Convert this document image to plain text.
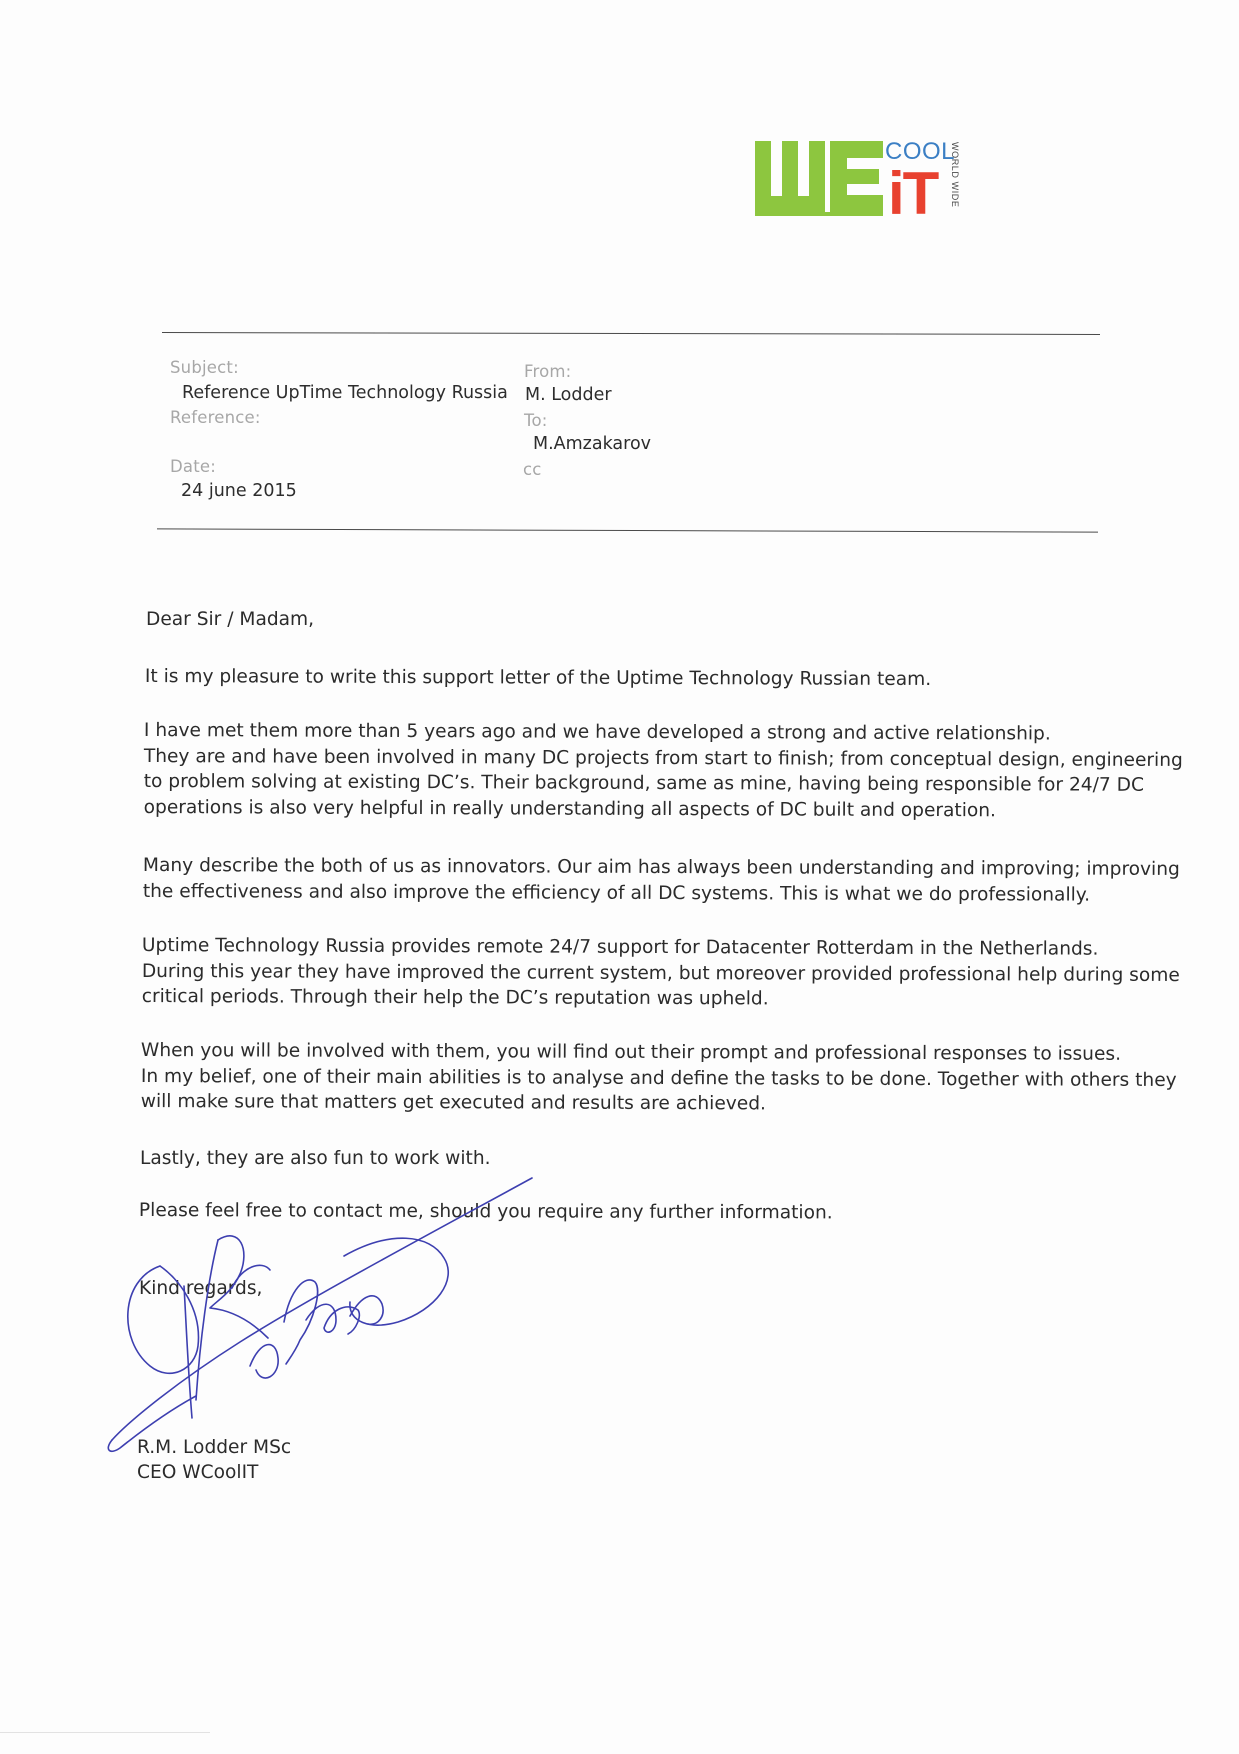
COOL
iT WORLD WIDE
Subject:
Reference UpTime Technology Russia
Reference:
Date:
24 june 2015
From:
M. Lodder
To:
M.Amzakarov
cc
Dear Sir / Madam,
It is my pleasure to write this support letter of the Uptime Technology Russian team.
I have met them more than 5 years ago and we have developed a strong and active relationship.
They are and have been involved in many DC projects from start to finish; from conceptual design, engineering
to problem solving at existing DC’s. Their background, same as mine, having being responsible for 24/7 DC
operations is also very helpful in really understanding all aspects of DC built and operation.
Many describe the both of us as innovators. Our aim has always been understanding and improving; improving
the effectiveness and also improve the efficiency of all DC systems. This is what we do professionally.
Uptime Technology Russia provides remote 24/7 support for Datacenter Rotterdam in the Netherlands.
During this year they have improved the current system, but moreover provided professional help during some
critical periods. Through their help the DC’s reputation was upheld.
When you will be involved with them, you will find out their prompt and professional responses to issues.
In my belief, one of their main abilities is to analyse and define the tasks to be done. Together with others they
will make sure that matters get executed and results are achieved.
Lastly, they are also fun to work with.
Please feel free to contact me, should you require any further information.
Kind regards,
R.M. Lodder MSc
CEO WCoolIT
